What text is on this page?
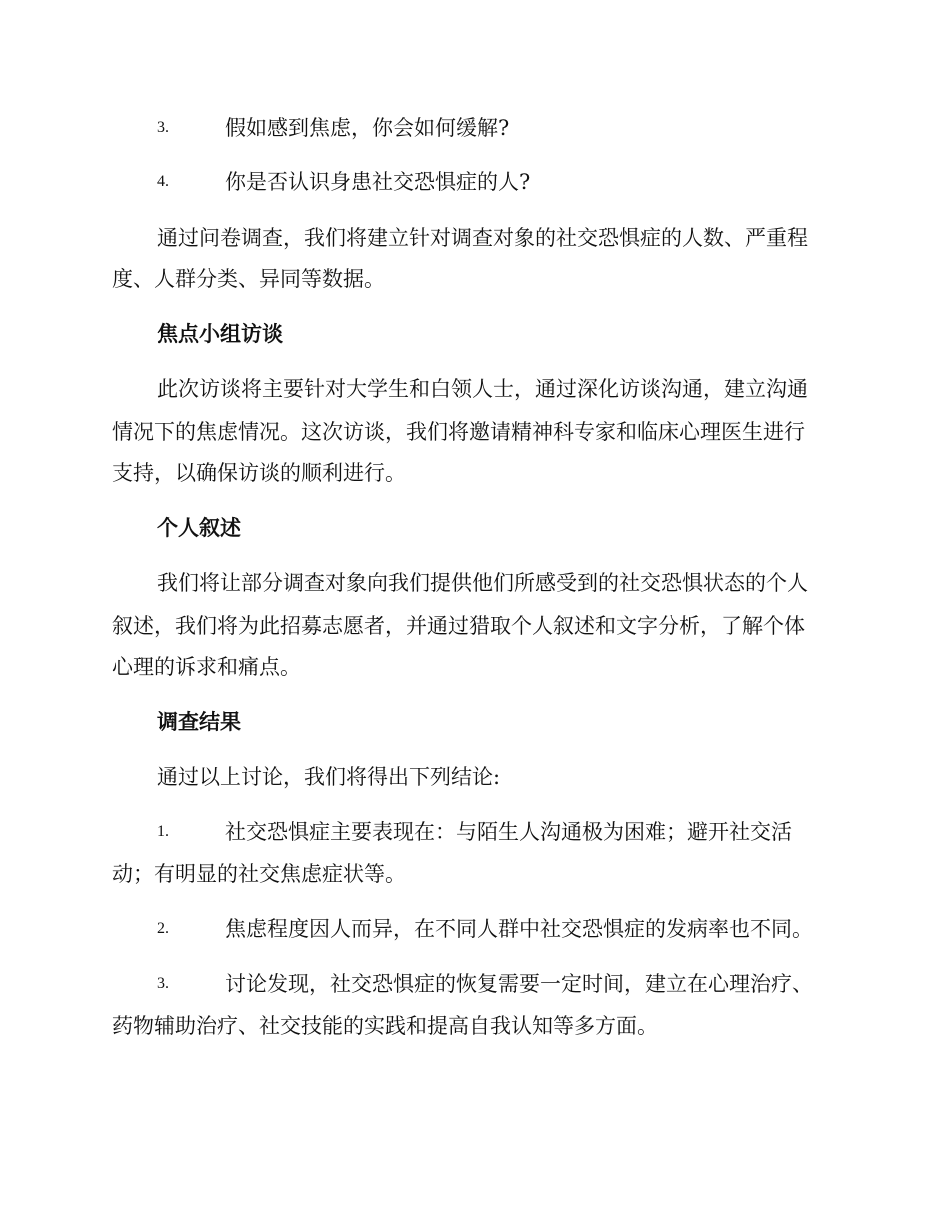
3.	假如感到焦虑，你会如何缓解?
4.	你是否认识身患社交恐惧症的人?
通过问卷调查，我们将建立针对调查对象的社交恐惧症的人数、严重程
度、人群分类、异同等数据。
焦点小组访谈
此次访谈将主要针对大学生和白领人士，通过深化访谈沟通，建立沟通
情况下的焦虑情况。这次访谈，我们将邀请精神科专家和临床心理医生进行
支持，以确保访谈的顺利进行。
个人叙述
我们将让部分调查对象向我们提供他们所感受到的社交恐惧状态的个人
叙述，我们将为此招募志愿者，并通过猎取个人叙述和文字分析，了解个体
心理的诉求和痛点。
调查结果
通过以上讨论，我们将得出下列结论:
1.	社交恐惧症主要表现在：与陌生人沟通极为困难；避开社交活
动；有明显的社交焦虑症状等。
2.	焦虑程度因人而异，在不同人群中社交恐惧症的发病率也不同。
3.	讨论发现，社交恐惧症的恢复需要一定时间，建立在心理治疗、
药物辅助治疗、社交技能的实践和提高自我认知等多方面。
